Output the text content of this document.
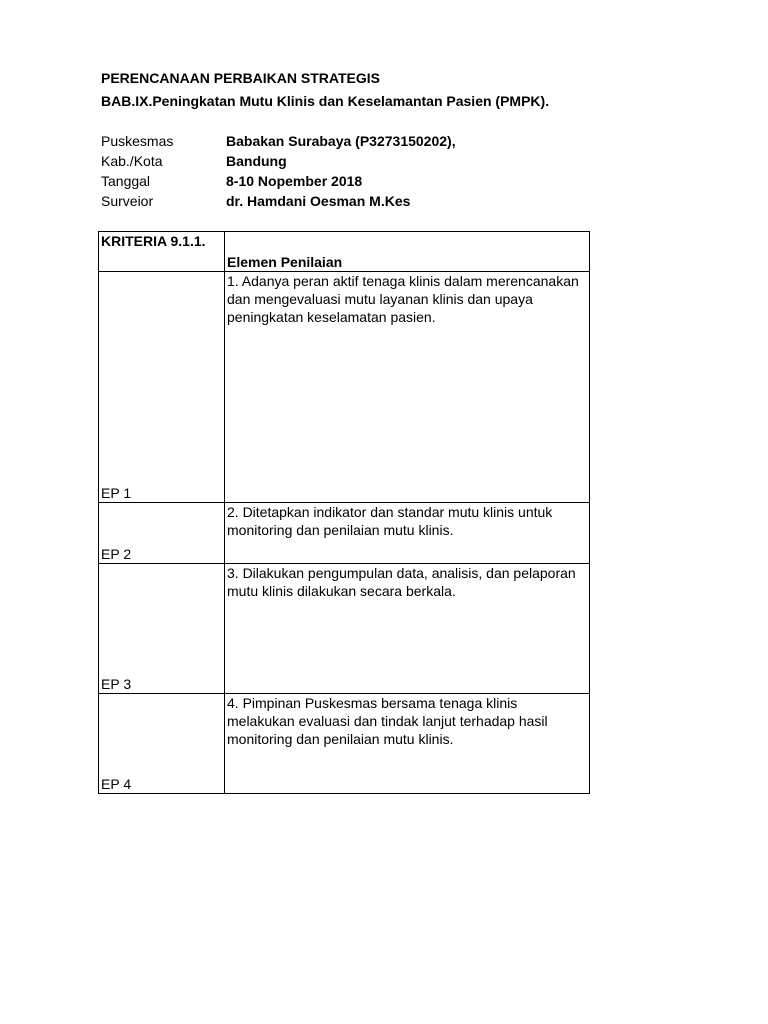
PERENCANAAN PERBAIKAN STRATEGIS
BAB.IX.Peningkatan Mutu Klinis dan Keselamantan Pasien (PMPK).
Puskesmas	Babakan Surabaya (P3273150202),
Kab./Kota	Bandung
Tanggal	8-10 Nopember 2018
Surveior	dr. Hamdani Oesman M.Kes
KRITERIA 9.1.1.	Elemen Penilaian
EP 1	1. Adanya peran aktif tenaga klinis dalam merencanakan dan mengevaluasi mutu layanan klinis dan upaya peningkatan keselamatan pasien.
EP 2	2. Ditetapkan indikator dan standar mutu klinis untuk monitoring dan penilaian mutu klinis.
EP 3	3. Dilakukan pengumpulan data, analisis, dan pelaporan mutu klinis dilakukan secara berkala.
EP 4	4. Pimpinan Puskesmas bersama tenaga klinis melakukan evaluasi dan tindak lanjut terhadap hasil monitoring dan penilaian mutu klinis.
